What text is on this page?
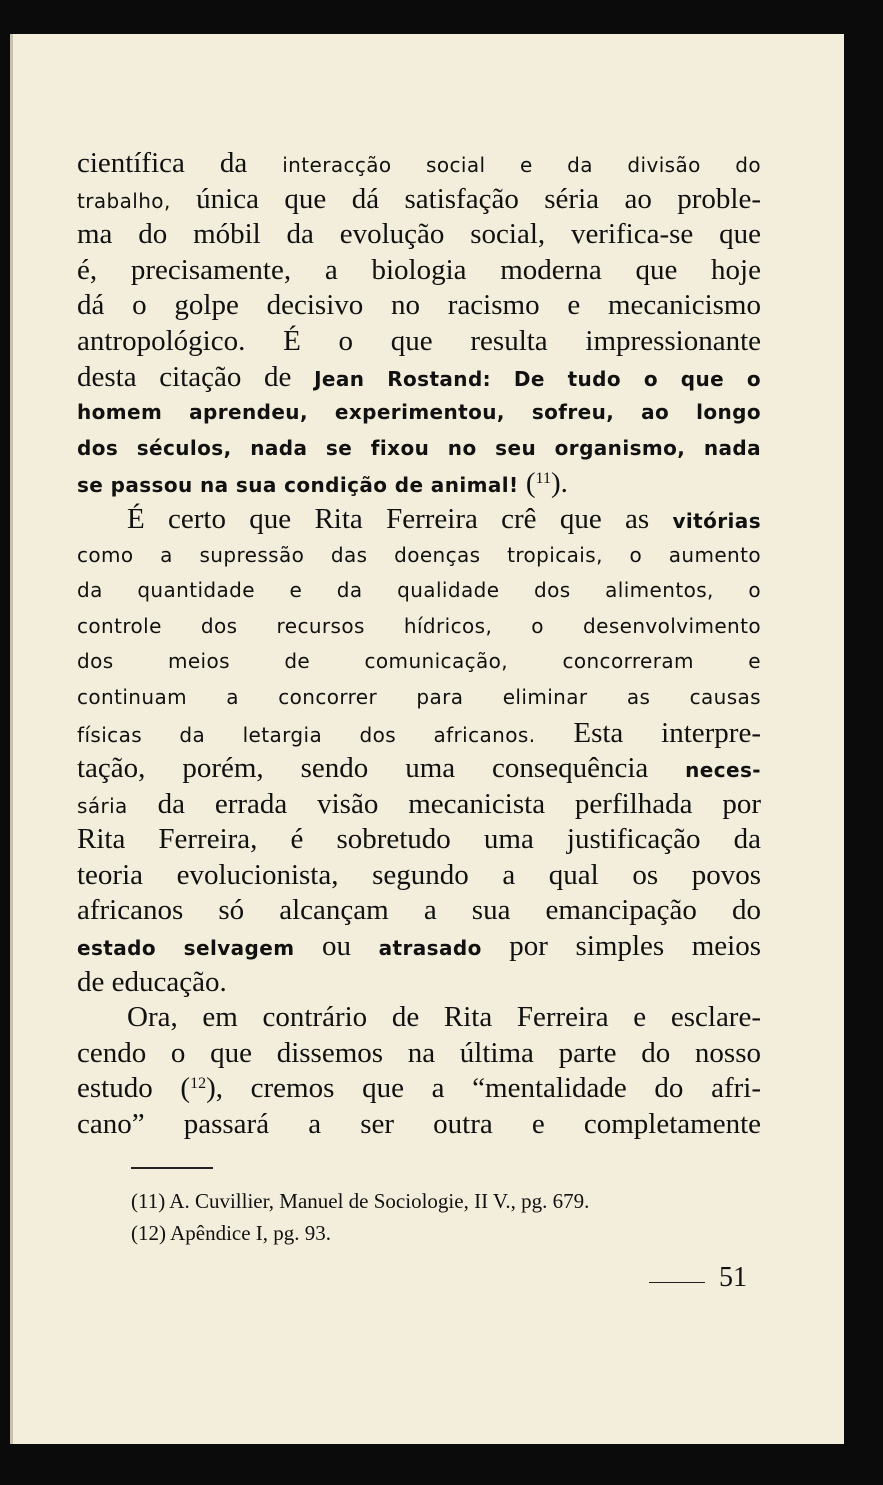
científica da interacção social e da divisão do
trabalho, única que dá satisfação séria ao proble-
ma do móbil da evolução social, verifica-se que
é, precisamente, a biologia moderna que hoje
dá o golpe decisivo no racismo e mecanicismo
antropológico. É o que resulta impressionante
desta citação de Jean Rostand: De tudo o que o
homem aprendeu, experimentou, sofreu, ao longo
dos séculos, nada se fixou no seu organismo, nada
se passou na sua condição de animal! ($^{11}$).
É certo que Rita Ferreira crê que as vitórias
como a supressão das doenças tropicais, o aumento
da quantidade e da qualidade dos alimentos, o
controle dos recursos hídricos, o desenvolvimento
dos meios de comunicação, concorreram e
continuam a concorrer para eliminar as causas
físicas da letargia dos africanos. Esta interpre-
tação, porém, sendo uma consequência neces-
sária da errada visão mecanicista perfilhada por
Rita Ferreira, é sobretudo uma justificação da
teoria evolucionista, segundo a qual os povos
africanos só alcançam a sua emancipação do
estado selvagem ou atrasado por simples meios
de educação.
Ora, em contrário de Rita Ferreira e esclare-
cendo o que dissemos na última parte do nosso
estudo ($^{12}$), cremos que a “mentalidade do afri-
cano” passará a ser outra e completamente
(11) A. Cuvillier, Manuel de Sociologie, II V., pg. 679.
(12) Apêndice I, pg. 93.
51
